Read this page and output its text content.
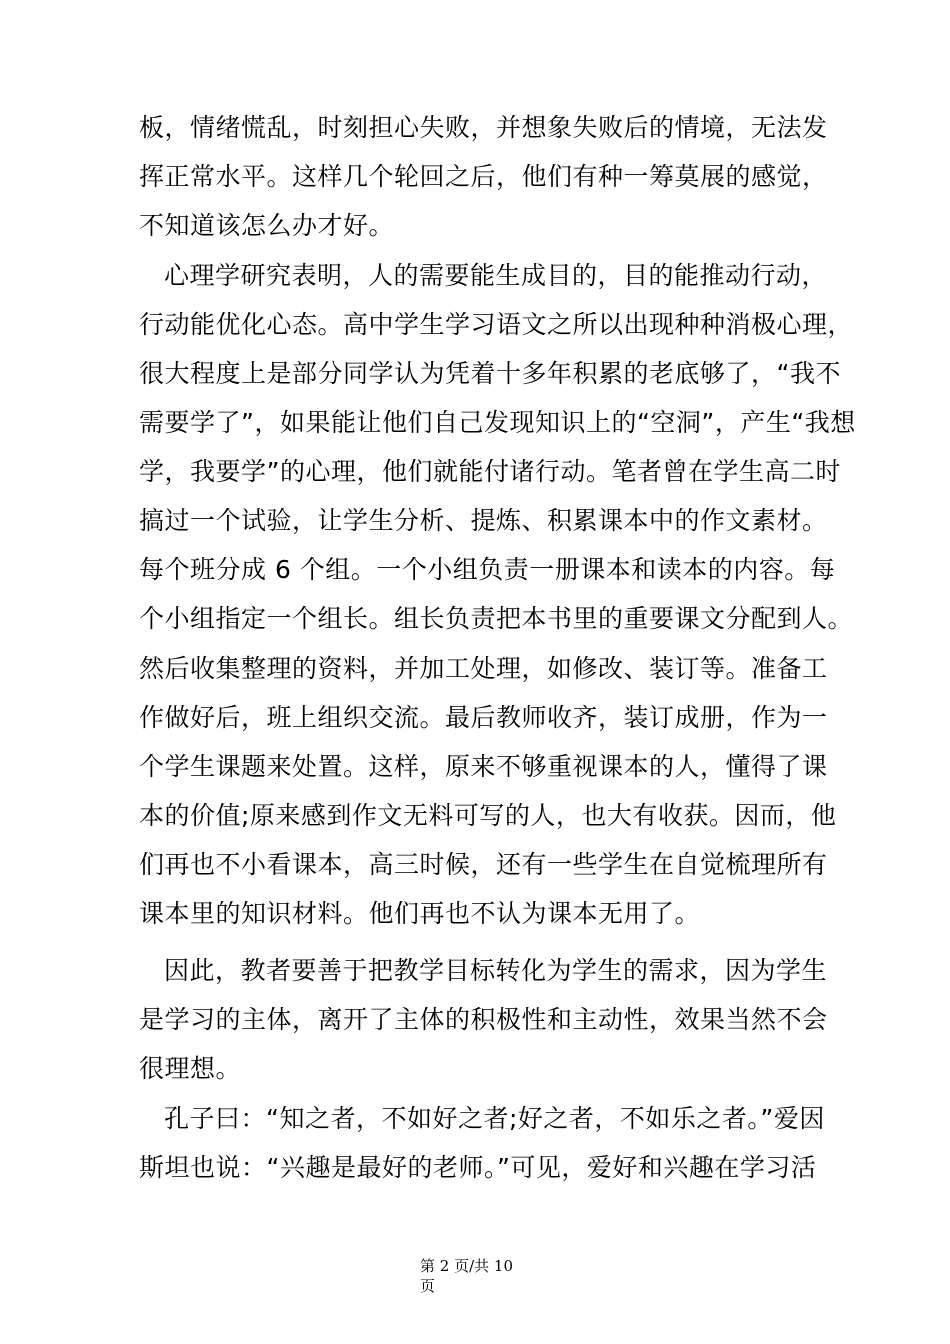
板，情绪慌乱，时刻担心失败，并想象失败后的情境，无法发
挥正常水平。这样几个轮回之后，他们有种一筹莫展的感觉，
不知道该怎么办才好。
心理学研究表明，人的需要能生成目的，目的能推动行动，
行动能优化心态。高中学生学习语文之所以出现种种消极心理，
很大程度上是部分同学认为凭着十多年积累的老底够了，“我不
需要学了”，如果能让他们自己发现知识上的“空洞”，产生“我想
学，我要学”的心理，他们就能付诸行动。笔者曾在学生高二时
搞过一个试验，让学生分析、提炼、积累课本中的作文素材。
每个班分成 6 个组。一个小组负责一册课本和读本的内容。每
个小组指定一个组长。组长负责把本书里的重要课文分配到人。
然后收集整理的资料，并加工处理，如修改、装订等。准备工
作做好后，班上组织交流。最后教师收齐，装订成册，作为一
个学生课题来处置。这样，原来不够重视课本的人，懂得了课
本的价值;原来感到作文无料可写的人，也大有收获。因而，他
们再也不小看课本，高三时候，还有一些学生在自觉梳理所有
课本里的知识材料。他们再也不认为课本无用了。
因此，教者要善于把教学目标转化为学生的需求，因为学生
是学习的主体，离开了主体的积极性和主动性，效果当然不会
很理想。
孔子曰：“知之者，不如好之者;好之者，不如乐之者。”爱因
斯坦也说：“兴趣是最好的老师。”可见，爱好和兴趣在学习活
第 2 页/共 10
页
